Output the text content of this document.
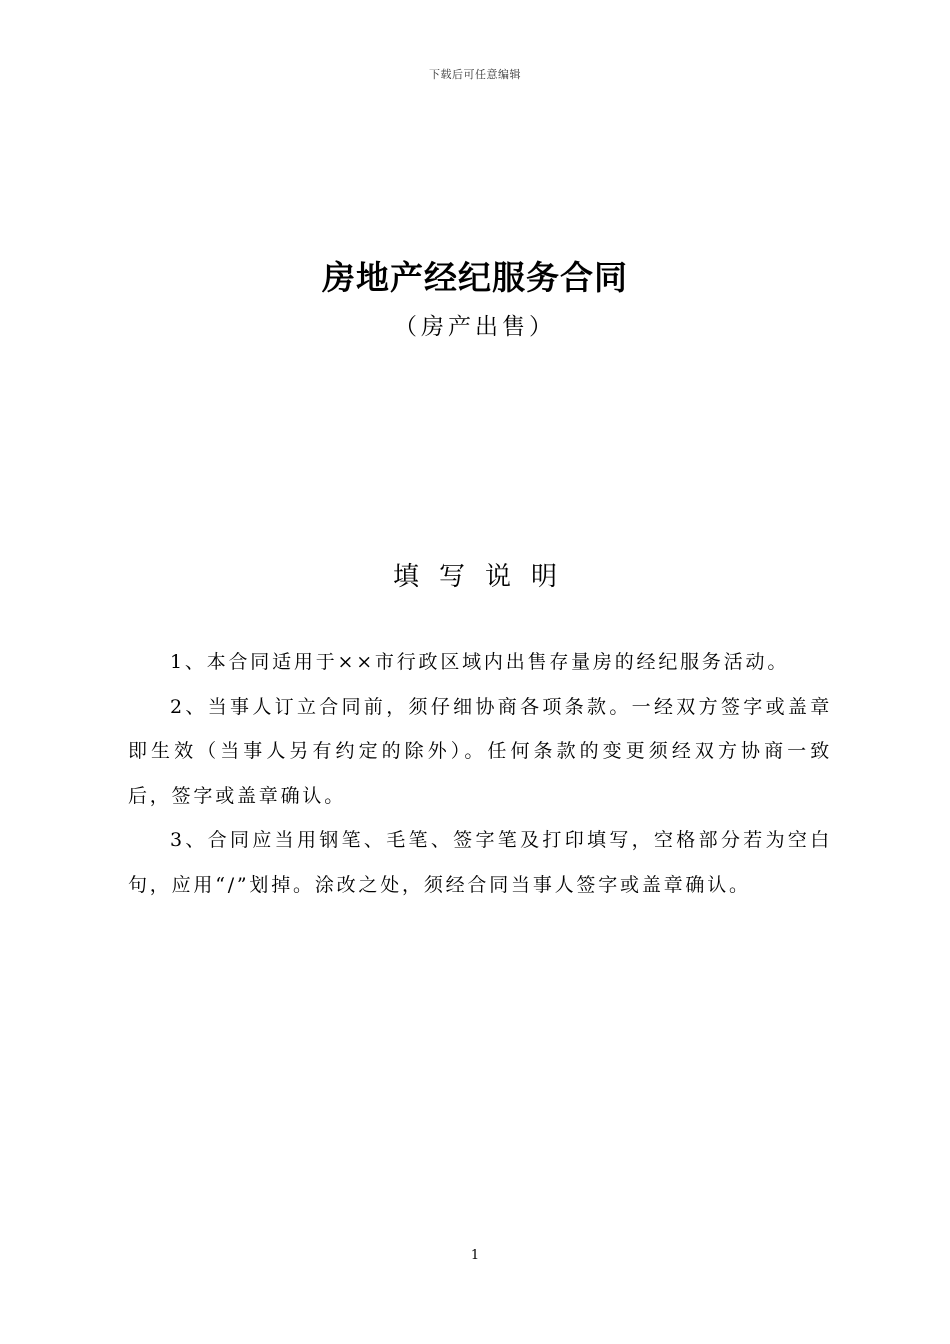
下载后可任意编辑
房地产经纪服务合同
（房产出售）
填写说明

1、本合同适用于××市行政区域内出售存量房的经纪服务活动。

2、当事人订立合同前，须仔细协商各项条款。一经双方签字或盖章即生效（当事人另有约定的除外）。任何条款的变更须经双方协商一致后，签字或盖章确认。

3、合同应当用钢笔、毛笔、签字笔及打印填写，空格部分若为空白句，应用“/”划掉。涂改之处，须经合同当事人签字或盖章确认。

1
